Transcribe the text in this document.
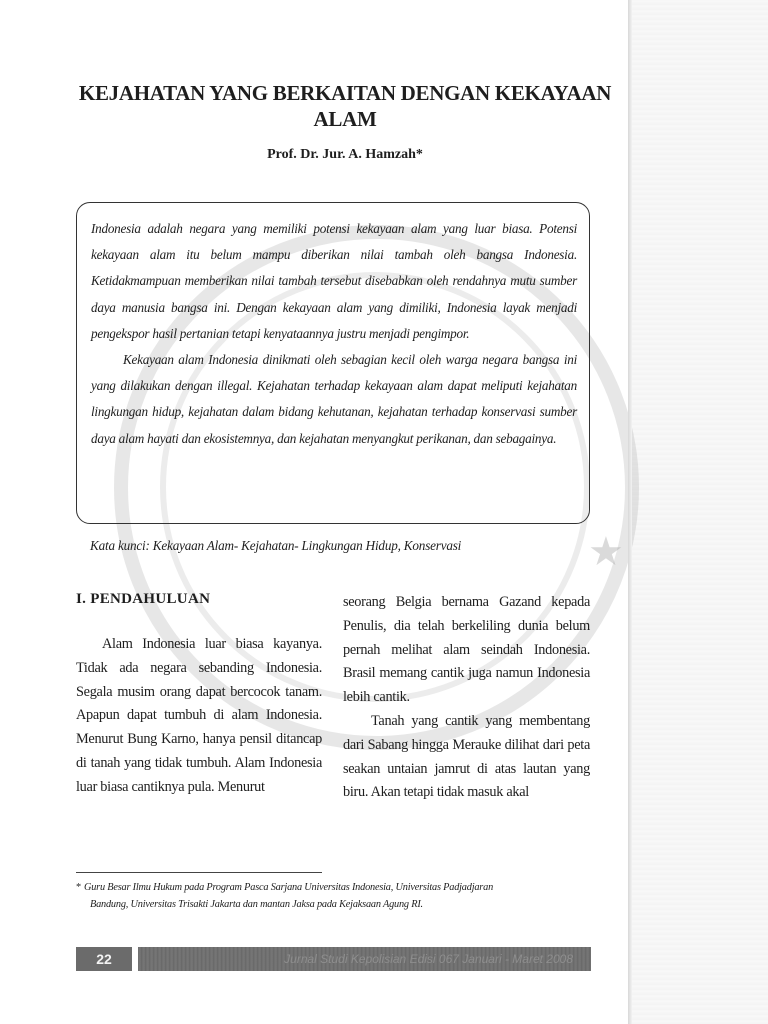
★
KEJAHATAN YANG BERKAITAN DENGAN KEKAYAAN ALAM
Prof. Dr. Jur. A. Hamzah*

Indonesia adalah negara yang memiliki potensi kekayaan alam yang luar biasa. Potensi kekayaan alam itu belum mampu diberikan nilai tambah oleh bangsa Indonesia. Ketidakmampuan memberikan nilai tambah tersebut disebabkan oleh rendahnya mutu sumber daya manusia bangsa ini. Dengan kekayaan alam yang dimiliki, Indonesia layak menjadi pengekspor hasil pertanian tetapi kenyataannya justru menjadi pengimpor.

Kekayaan alam Indonesia dinikmati oleh sebagian kecil oleh warga negara bangsa ini yang dilakukan dengan illegal. Kejahatan terhadap kekayaan alam dapat meliputi kejahatan lingkungan hidup, kejahatan dalam bidang kehutanan, kejahatan terhadap konservasi sumber daya alam hayati dan ekosistemnya, dan kejahatan menyangkut perikanan, dan sebagainya.

Kata kunci: Kekayaan Alam- Kejahatan- Lingkungan Hidup, Konservasi
I. PENDAHULUAN

Alam Indonesia luar biasa kayanya. Tidak ada negara sebanding Indonesia. Segala musim orang dapat bercocok tanam. Apapun dapat tumbuh di alam Indonesia. Menurut Bung Karno, hanya pensil ditancap di tanah yang tidak tumbuh. Alam Indonesia luar biasa cantiknya pula. Menurut

seorang Belgia bernama Gazand kepada Penulis, dia telah berkeliling dunia belum pernah melihat alam seindah Indonesia. Brasil memang cantik juga namun Indonesia lebih cantik.

Tanah yang cantik yang membentang dari Sabang hingga Merauke dilihat dari peta seakan untaian jamrut di atas lautan yang biru. Akan tetapi tidak masuk akal

* Guru Besar Ilmu Hukum pada Program Pasca Sarjana Universitas Indonesia, Universitas Padjadjaran
Bandung, Universitas Trisakti Jakarta dan mantan Jaksa pada Kejaksaan Agung RI.
22	Jurnal Studi Kepolisian Edisi 067 Januari - Maret 2008
